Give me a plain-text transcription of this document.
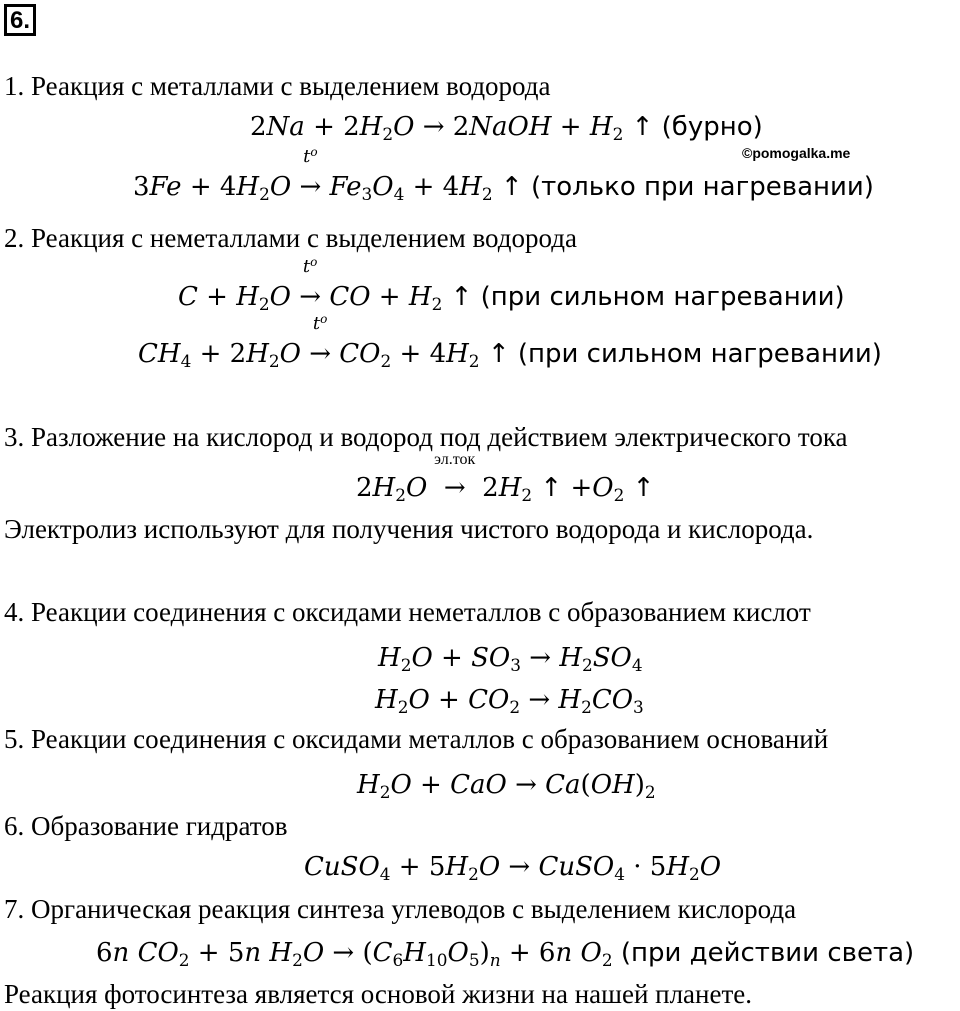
6.
1. Реакция с металлами с выделением водорода
$2Na + 2H_2O$ → 2NaOH + $H_2$ ↑ (бурно)
©pomogalka.me
$3Fe + 4H_2O$
$t^o$
→ $Fe_3O_4 + 4H_2$ ↑ (только при нагревании)
2. Реакция с неметаллами с выделением водорода
$C + H_2O$
$t^o$
→ CO + $H_2$ ↑ (при сильном нагревании)
$CH_4 + 2H_2O$
$t^o$
→ $CO_2 + 4H_2$ ↑ (при сильном нагревании)
3. Разложение на кислород и водород под действием электрического тока
$2H_2O$
эл.ток
→  $2H_2$ ↑ $+O_2$ ↑
Электролиз используют для получения чистого водорода и кислорода.
4. Реакции соединения с оксидами неметаллов с образованием кислот
$H_2O + SO_3 \to H_2SO_4$
$H_2O + CO_2 \to H_2CO_3$
5. Реакции соединения с оксидами металлов с образованием оснований
$H_2O$ + CaO → $Ca(OH)_2$
6. Образование гидратов
CuSO$_4$ + $5H_2O$ → CuSO$_4$ · $5H_2O$
7. Органическая реакция синтеза углеводов с выделением кислорода
6n $CO_2 + 5n$ $H_2O \to (C_6H_{10}O_5)_n + 6n$ $O_2$ (при действии света)
Реакция фотосинтеза является основой жизни на нашей планете.
